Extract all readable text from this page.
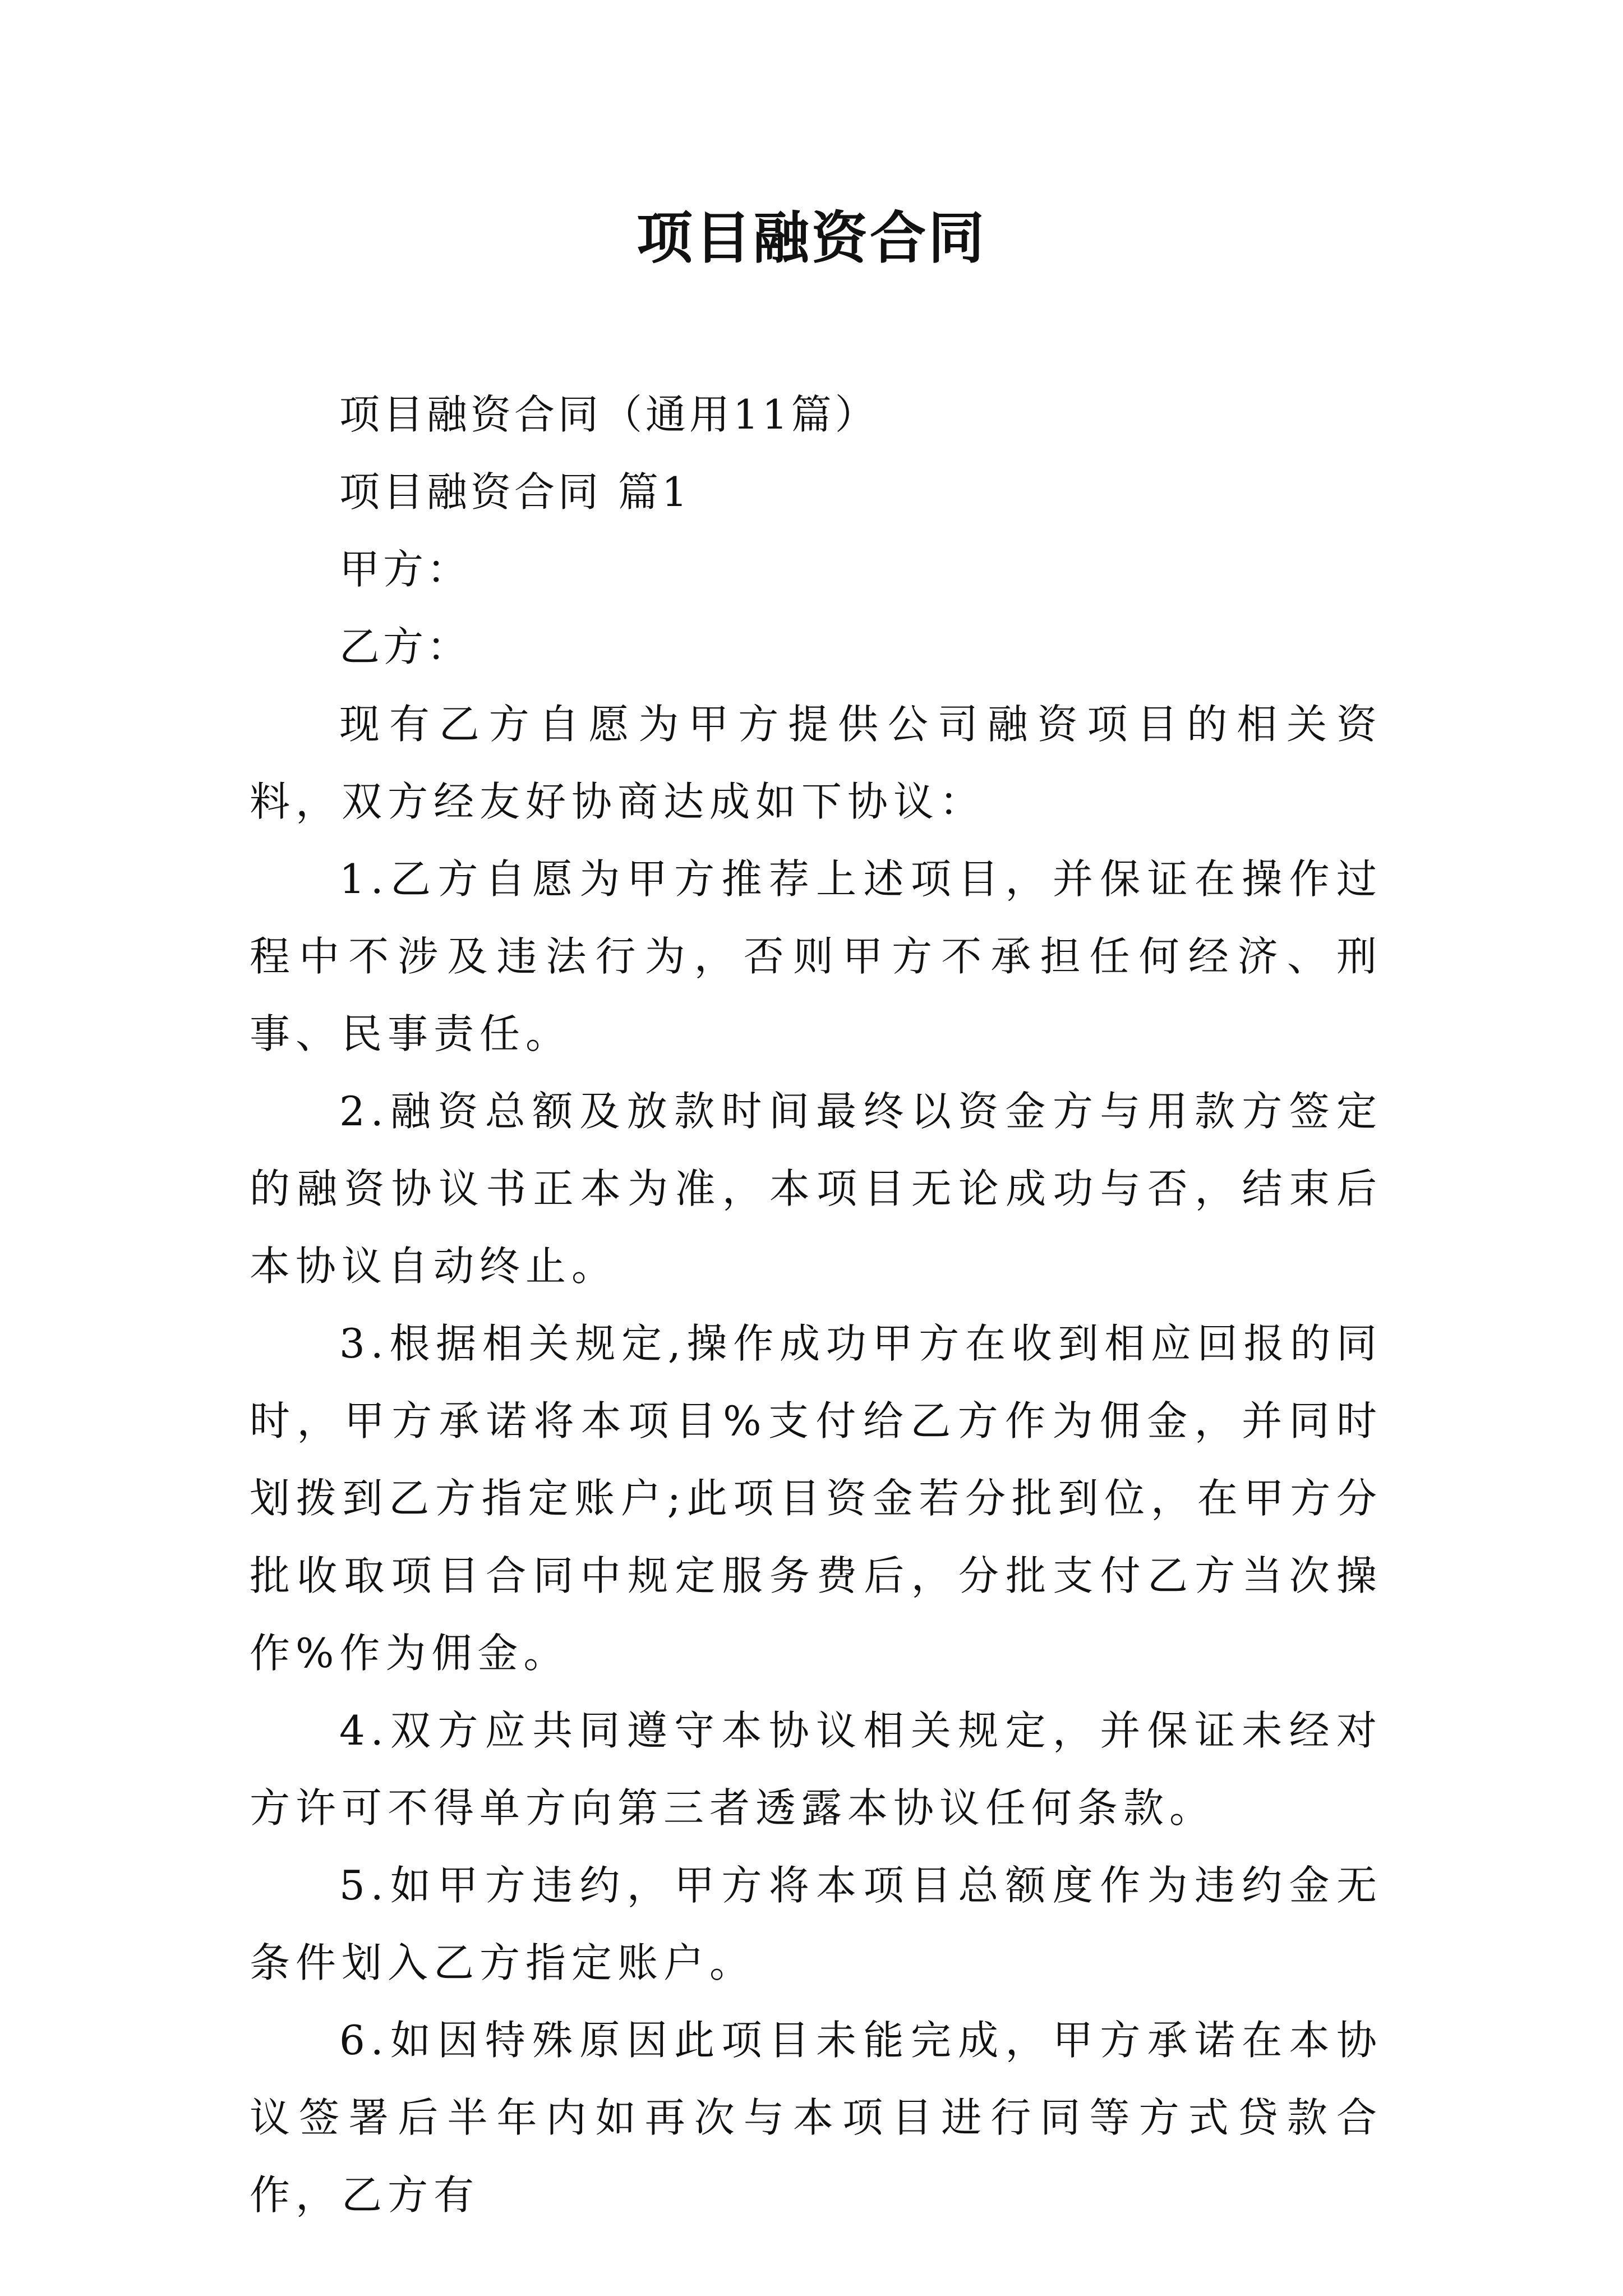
项目融资合同

项目融资合同（通用11篇）

项目融资合同 篇1

甲方：

乙方：

现有乙方自愿为甲方提供公司融资项目的相关资料，双方经友好协商达成如下协议：

1.乙方自愿为甲方推荐上述项目，并保证在操作过程中不涉及违法行为，否则甲方不承担任何经济、刑事、民事责任。

2.融资总额及放款时间最终以资金方与用款方签定的融资协议书正本为准，本项目无论成功与否，结束后本协议自动终止。

3.根据相关规定,操作成功甲方在收到相应回报的同时，甲方承诺将本项目%支付给乙方作为佣金，并同时划拨到乙方指定账户;此项目资金若分批到位，在甲方分批收取项目合同中规定服务费后，分批支付乙方当次操作%作为佣金。

4.双方应共同遵守本协议相关规定，并保证未经对方许可不得单方向第三者透露本协议任何条款。

5.如甲方违约，甲方将本项目总额度作为违约金无条件划入乙方指定账户。

6.如因特殊原因此项目未能完成，甲方承诺在本协议签署后半年内如再次与本项目进行同等方式贷款合作，乙方有
